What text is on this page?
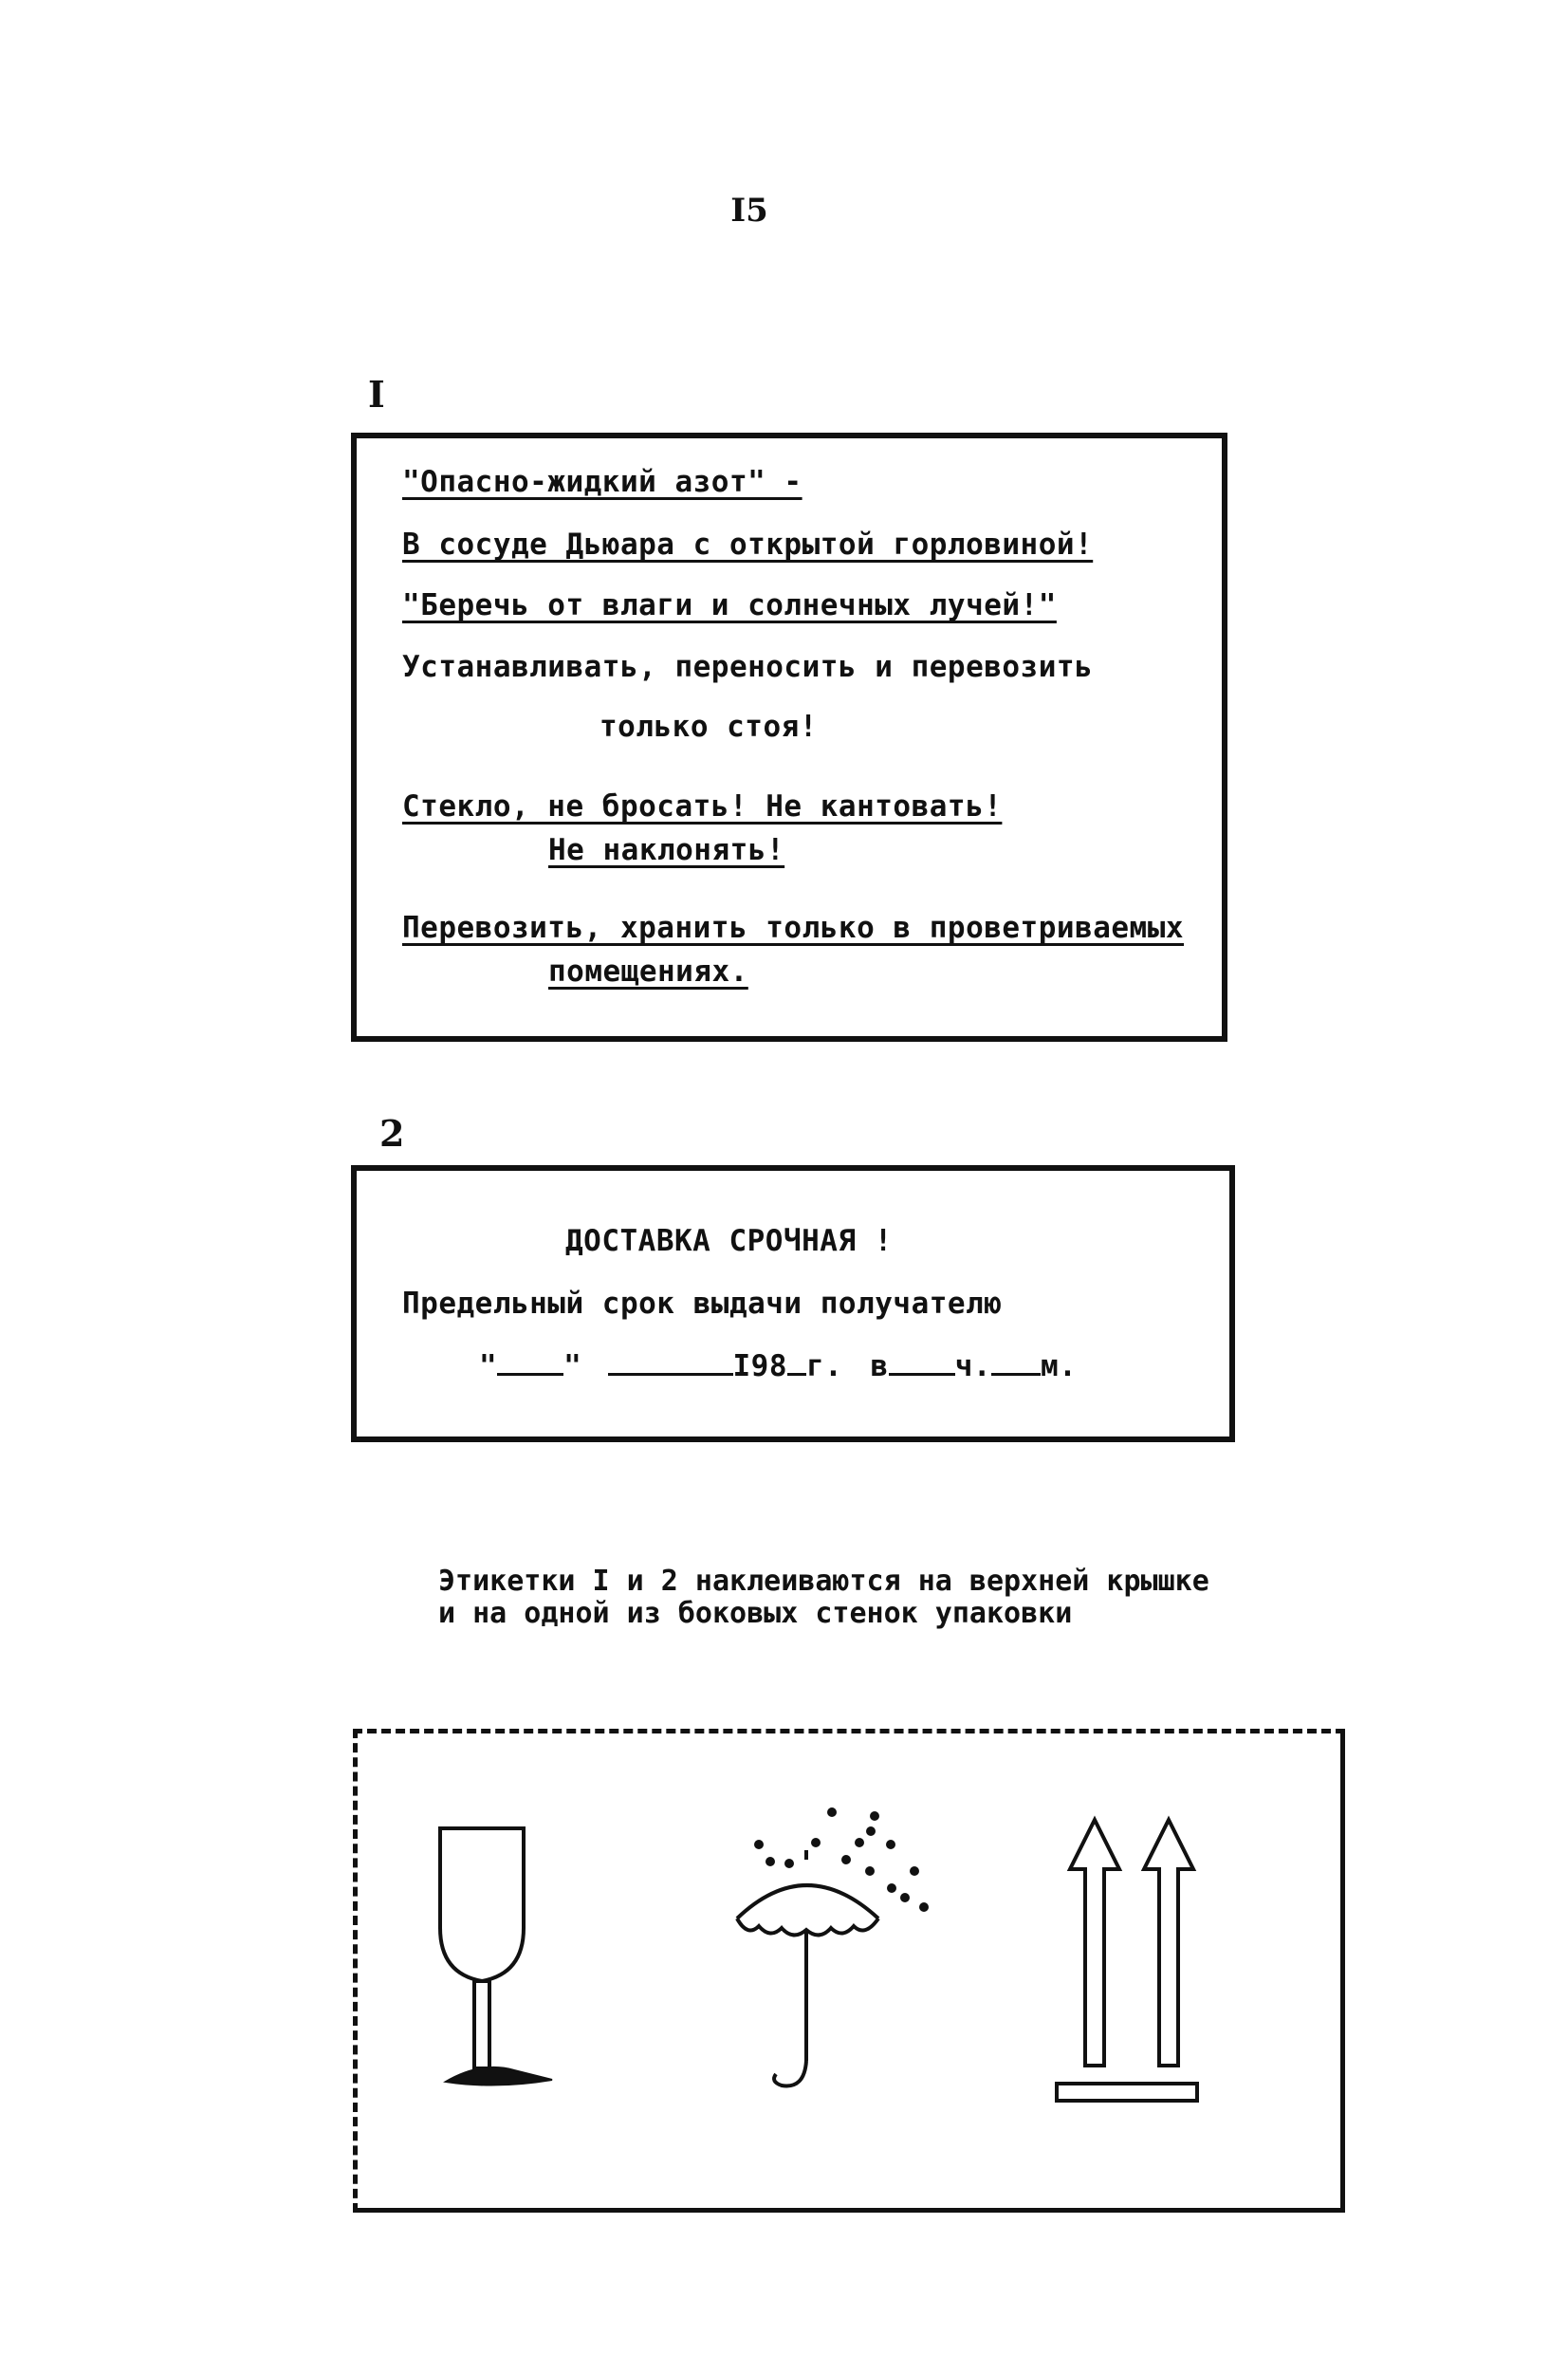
I5
I
"Опасно-жидкий азот" -
В сосуде Дьюара с открытой горловиной!
"Беречь от влаги и солнечных лучей!"
Устанавливать, переносить и перевозить
только стоя!
Стекло, не бросать! Не кантовать!
Не наклонять!
Перевозить, хранить только в проветриваемых
помещениях.
2
ДОСТАВКА СРОЧНАЯ !
Предельный срок выдачи получателю
" "	I98 г. в ч. м.
Этикетки I и 2 наклеиваются на верхней крышке
и на одной из боковых стенок упаковки
